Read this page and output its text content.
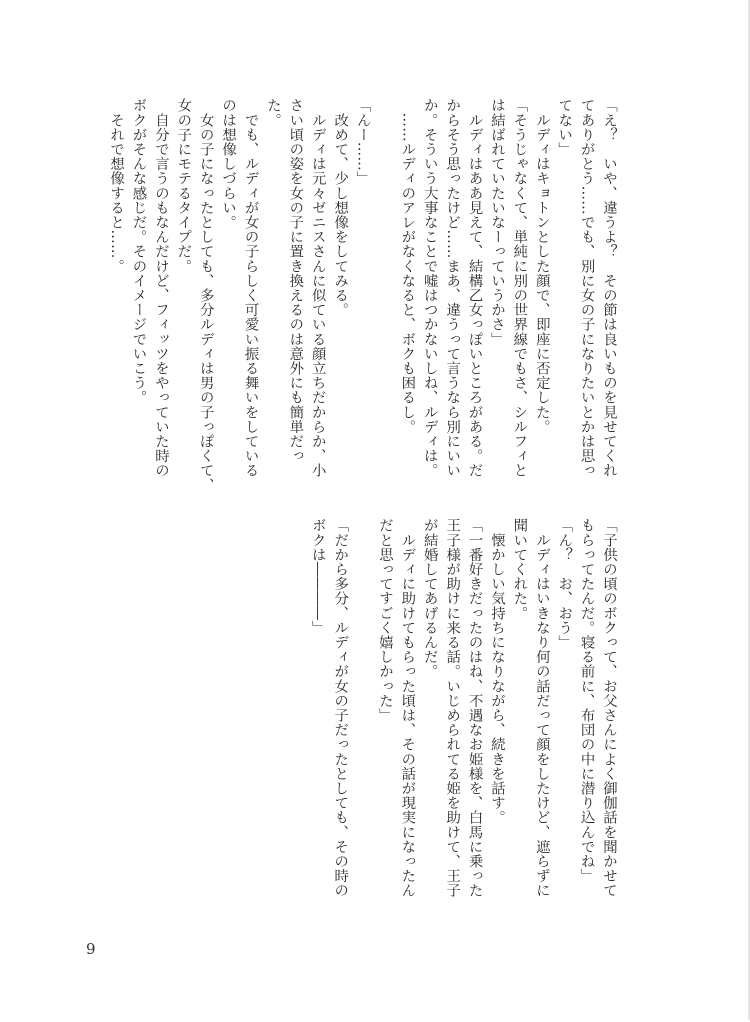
「え？　いや、違うよ？　その節は良いものを見せてくれ
てありがとう……でも、別に女の子になりたいとかは思っ
てない」
　ルディはキョトンとした顔で、即座に否定した。
「そうじゃなくて、単純に別の世界線でもさ、シルフィと
は結ばれていたいなーっていうかさ」
　ルディはああ見えて、結構乙女っぽいところがある。だ
からそう思ったけど……まあ、違うって言うなら別にいい
か。そういう大事なことで嘘はつかないしね、ルディは。
　……ルディのアレがなくなると、ボクも困るし。
「んー……」
　改めて、少し想像をしてみる。
　ルディは元々ゼニスさんに似ている顔立ちだからか、小
さい頃の姿を女の子に置き換えるのは意外にも簡単だっ
た。
　でも、ルディが女の子らしく可愛い振る舞いをしている
のは想像しづらい。
　女の子になったとしても、多分ルディは男の子っぽくて、
女の子にモテるタイプだ。
　自分で言うのもなんだけど、フィッツをやっていた時の
ボクがそんな感じだ。そのイメージでいこう。
　それで想像すると……。
「子供の頃のボクって、お父さんによく御伽話を聞かせて
もらってたんだ。寝る前に、布団の中に潜り込んでね」
「ん？　お、おう」
　ルディはいきなり何の話だって顔をしたけど、遮らずに
聞いてくれた。
　懐かしい気持ちになりながら、続きを話す。
「一番好きだったのはね、不遇なお姫様を、白馬に乗った
王子様が助けに来る話。いじめられてる姫を助けて、王子
が結婚してあげるんだ。
　ルディに助けてもらった頃は、その話が現実になったん
だと思ってすごく嬉しかった」
「だから多分、ルディが女の子だったとしても、その時の
ボクは――――」
9
